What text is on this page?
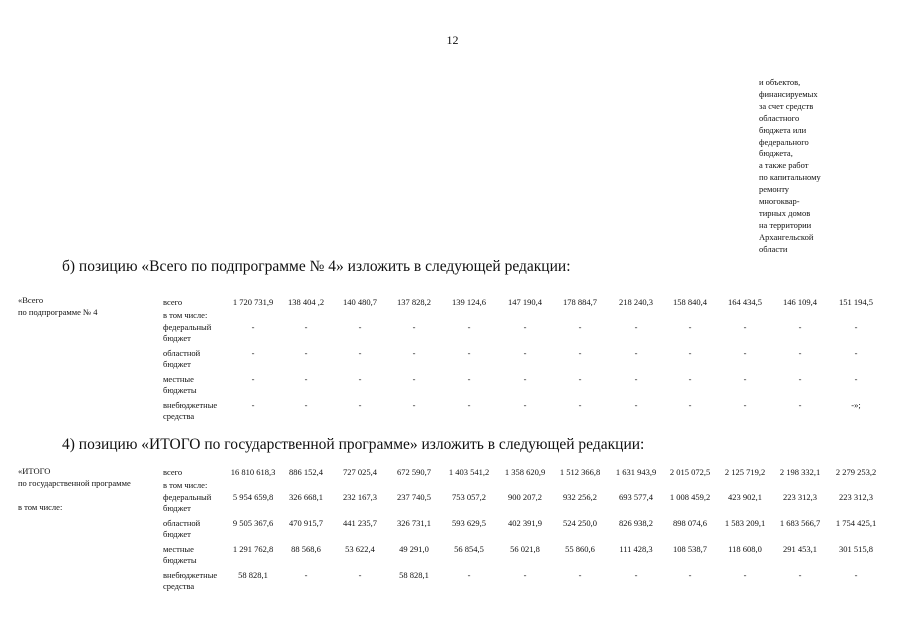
12
и объектов,
финансируемых
за счет средств
областного
бюджета или
федерального
бюджета,
а также работ
по капитальному
ремонту
многоквар-
тирных домов
на территории
Архангельской
области
б) позицию «Всего по подпрограмме № 4» изложить в следующей редакции:
«Всего
по подпрограмме № 4
всего	1 720 731,9	138 404 ,2	140 480,7	137 828,2	139 124,6	147 190,4	178 884,7	218 240,3	158 840,4	164 434,5	146 109,4	151 194,5
в том числе:
федеральный бюджет
-	-	-	-	-	-	-	-	-	-	-	-
областной бюджет
-	-	-	-	-	-	-	-	-	-	-	-
местные бюджеты
-	-	-	-	-	-	-	-	-	-	-	-
внебюджетные средства
-	-	-	-	-	-	-	-	-	-	-	-»;
4) позицию «ИТОГО по государственной программе» изложить в следующей редакции:
«ИТОГО
по государственной программе
в том числе:
всего	16 810 618,3	886 152,4	727 025,4	672 590,7	1 403 541,2	1 358 620,9	1 512 366,8	1 631 943,9	2 015 072,5	2 125 719,2	2 198 332,1	2 279 253,2
в том числе:
федеральный бюджет
5 954 659,8	326 668,1	232 167,3	237 740,5	753 057,2	900 207,2	932 256,2	693 577,4	1 008 459,2	423 902,1	223 312,3	223 312,3
областной бюджет
9 505 367,6	470 915,7	441 235,7	326 731,1	593 629,5	402 391,9	524 250,0	826 938,2	898 074,6	1 583 209,1	1 683 566,7	1 754 425,1
местные бюджеты
1 291 762,8	88 568,6	53 622,4	49 291,0	56 854,5	56 021,8	55 860,6	111 428,3	108 538,7	118 608,0	291 453,1	301 515,8
внебюджетные средства
58 828,1	-	-	58 828,1	-	-	-	-	-	-	-	-
